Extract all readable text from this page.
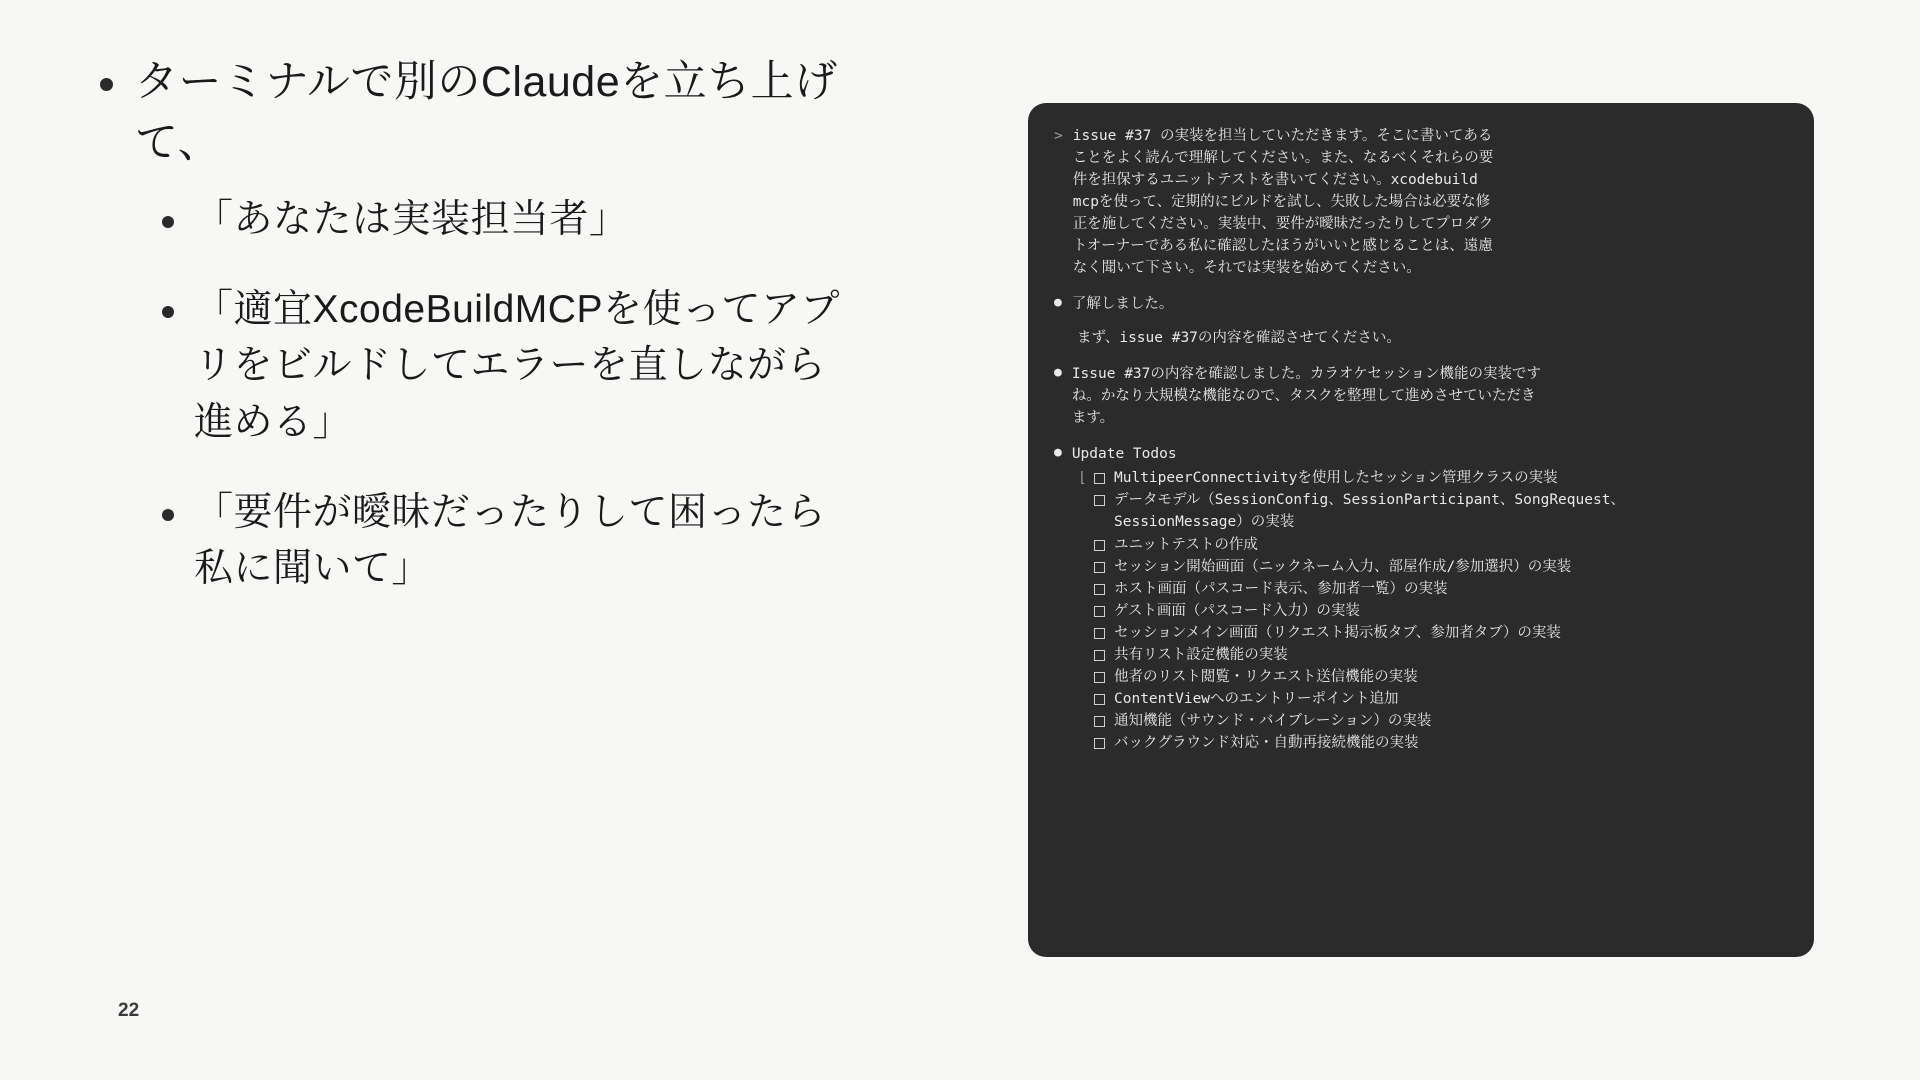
ターミナルで別のClaudeを立ち上げて、
「あなたは実装担当者」
「適宜XcodeBuildMCPを使ってアプリをビルドしてエラーを直しながら進める」
「要件が曖昧だったりして困ったら私に聞いて」
22
> issue #37 の実装を担当していただきます。そこに書いてあることをよく読んで理解してください。また、なるべくそれらの要件を担保するユニットテストを書いてください。xcodebuild mcpを使って、定期的にビルドを試し、失敗した場合は必要な修正を施してください。実装中、要件が曖昧だったりしてプロダクトオーナーである私に確認したほうがいいと感じることは、遠慮なく聞いて下さい。それでは実装を始めてください。
● 了解しました。
まず、issue #37の内容を確認させてください。
● Issue #37の内容を確認しました。カラオケセッション機能の実装ですね。かなり大規模な機能なので、タスクを整理して進めさせていただきます。
● Update Todos
⌊	MultipeerConnectivityを使用したセッション管理クラスの実装
データモデル（SessionConfig、SessionParticipant、SongRequest、SessionMessage）の実装
ユニットテストの作成
セッション開始画面（ニックネーム入力、部屋作成/参加選択）の実装
ホスト画面（パスコード表示、参加者一覧）の実装
ゲスト画面（パスコード入力）の実装
セッションメイン画面（リクエスト掲示板タブ、参加者タブ）の実装
共有リスト設定機能の実装
他者のリスト閲覧・リクエスト送信機能の実装
ContentViewへのエントリーポイント追加
通知機能（サウンド・バイブレーション）の実装
バックグラウンド対応・自動再接続機能の実装
